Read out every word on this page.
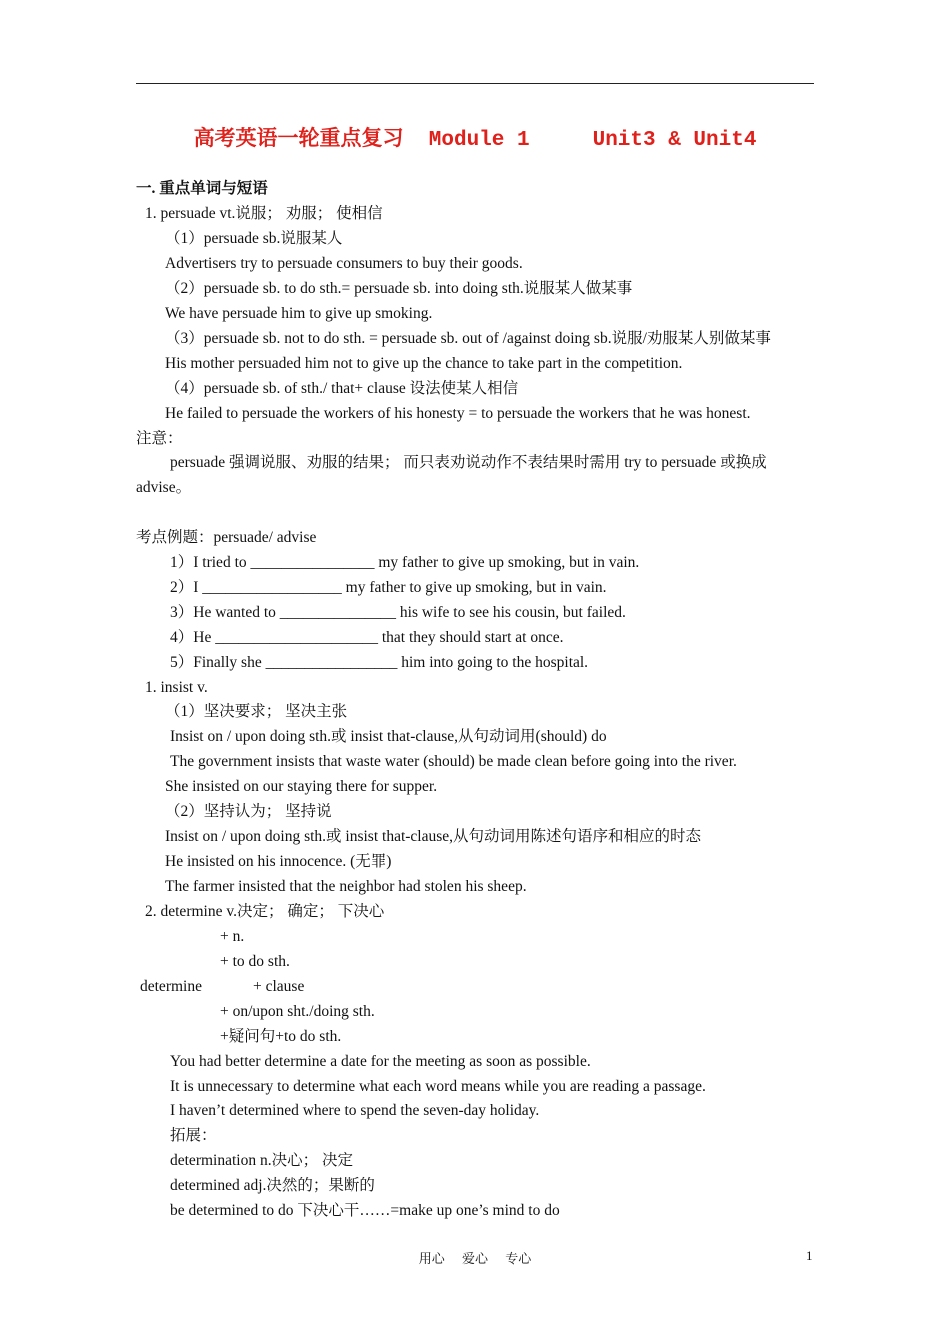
高考英语一轮重点复习  Module 1     Unit3 & Unit4
一. 重点单词与短语
1. persuade vt.说服； 劝服； 使相信
（1）persuade sb.说服某人
Advertisers try to persuade consumers to buy their goods.
（2）persuade sb. to do sth.= persuade sb. into doing sth.说服某人做某事
We have persuade him to give up smoking.
（3）persuade sb. not to do sth. = persuade sb. out of /against doing sb.说服/劝服某人别做某事
His mother persuaded him not to give up the chance to take part in the competition.
（4）persuade sb. of sth./ that+ clause 设法使某人相信
He failed to persuade the workers of his honesty = to persuade the workers that he was honest.
注意：
persuade 强调说服、劝服的结果； 而只表劝说动作不表结果时需用 try to persuade 或换成
advise。
考点例题：persuade/ advise
1）I tried to ________________ my father to give up smoking, but in vain.
2）I __________________ my father to give up smoking, but in vain.
3）He wanted to _______________ his wife to see his cousin, but failed.
4）He _____________________ that they should start at once.
5）Finally she _________________ him into going to the hospital.
1. insist v.
（1）坚决要求； 坚决主张
Insist on / upon doing sth.或 insist that-clause,从句动词用(should) do
The government insists that waste water (should) be made clean before going into the river.
She insisted on our staying there for supper.
（2）坚持认为； 坚持说
Insist on / upon doing sth.或 insist that-clause,从句动词用陈述句语序和相应的时态
He insisted on his innocence. (无罪)
The farmer insisted that the neighbor had stolen his sheep.
2. determine v.决定； 确定； 下决心
+ n.
+ to do sth.
determine	+ clause
+ on/upon sht./doing sth.
+疑问句+to do sth.
You had better determine a date for the meeting as soon as possible.
It is unnecessary to determine what each word means while you are reading a passage.
I haven’t determined where to spend the seven-day holiday.
拓展：
determination n.决心； 决定
determined adj.决然的；果断的
be determined to do 下决心干……=make up one’s mind to do
用心 爱心 专心	1
